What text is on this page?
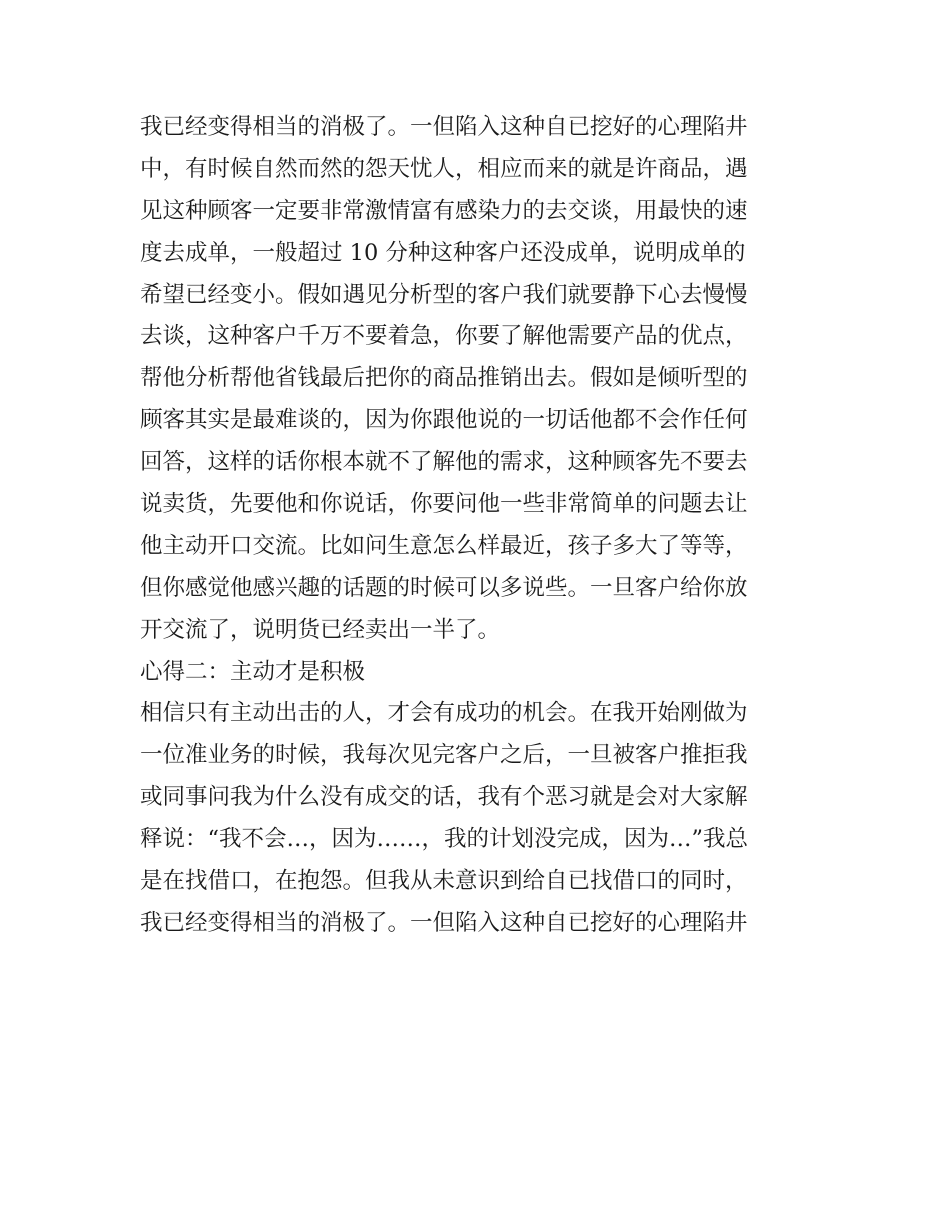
我已经变得相当的消极了。一但陷入这种自已挖好的心理陷井
中，有时候自然而然的怨天忧人，相应而来的就是许商品，遇
见这种顾客一定要非常激情富有感染力的去交谈，用最快的速
度去成单，一般超过 10 分种这种客户还没成单，说明成单的
希望已经变小。假如遇见分析型的客户我们就要静下心去慢慢
去谈，这种客户千万不要着急，你要了解他需要产品的优点，
帮他分析帮他省钱最后把你的商品推销出去。假如是倾听型的
顾客其实是最难谈的，因为你跟他说的一切话他都不会作任何
回答，这样的话你根本就不了解他的需求，这种顾客先不要去
说卖货，先要他和你说话，你要问他一些非常简单的问题去让
他主动开口交流。比如问生意怎么样最近，孩子多大了等等，
但你感觉他感兴趣的话题的时候可以多说些。一旦客户给你放
开交流了，说明货已经卖出一半了。
心得二：主动才是积极
相信只有主动出击的人，才会有成功的机会。在我开始刚做为
一位准业务的时候，我每次见完客户之后，一旦被客户推拒我
或同事问我为什么没有成交的话，我有个恶习就是会对大家解
释说：“我不会…，因为……，我的计划没完成，因为…”我总
是在找借口，在抱怨。但我从未意识到给自已找借口的同时，
我已经变得相当的消极了。一但陷入这种自已挖好的心理陷井
